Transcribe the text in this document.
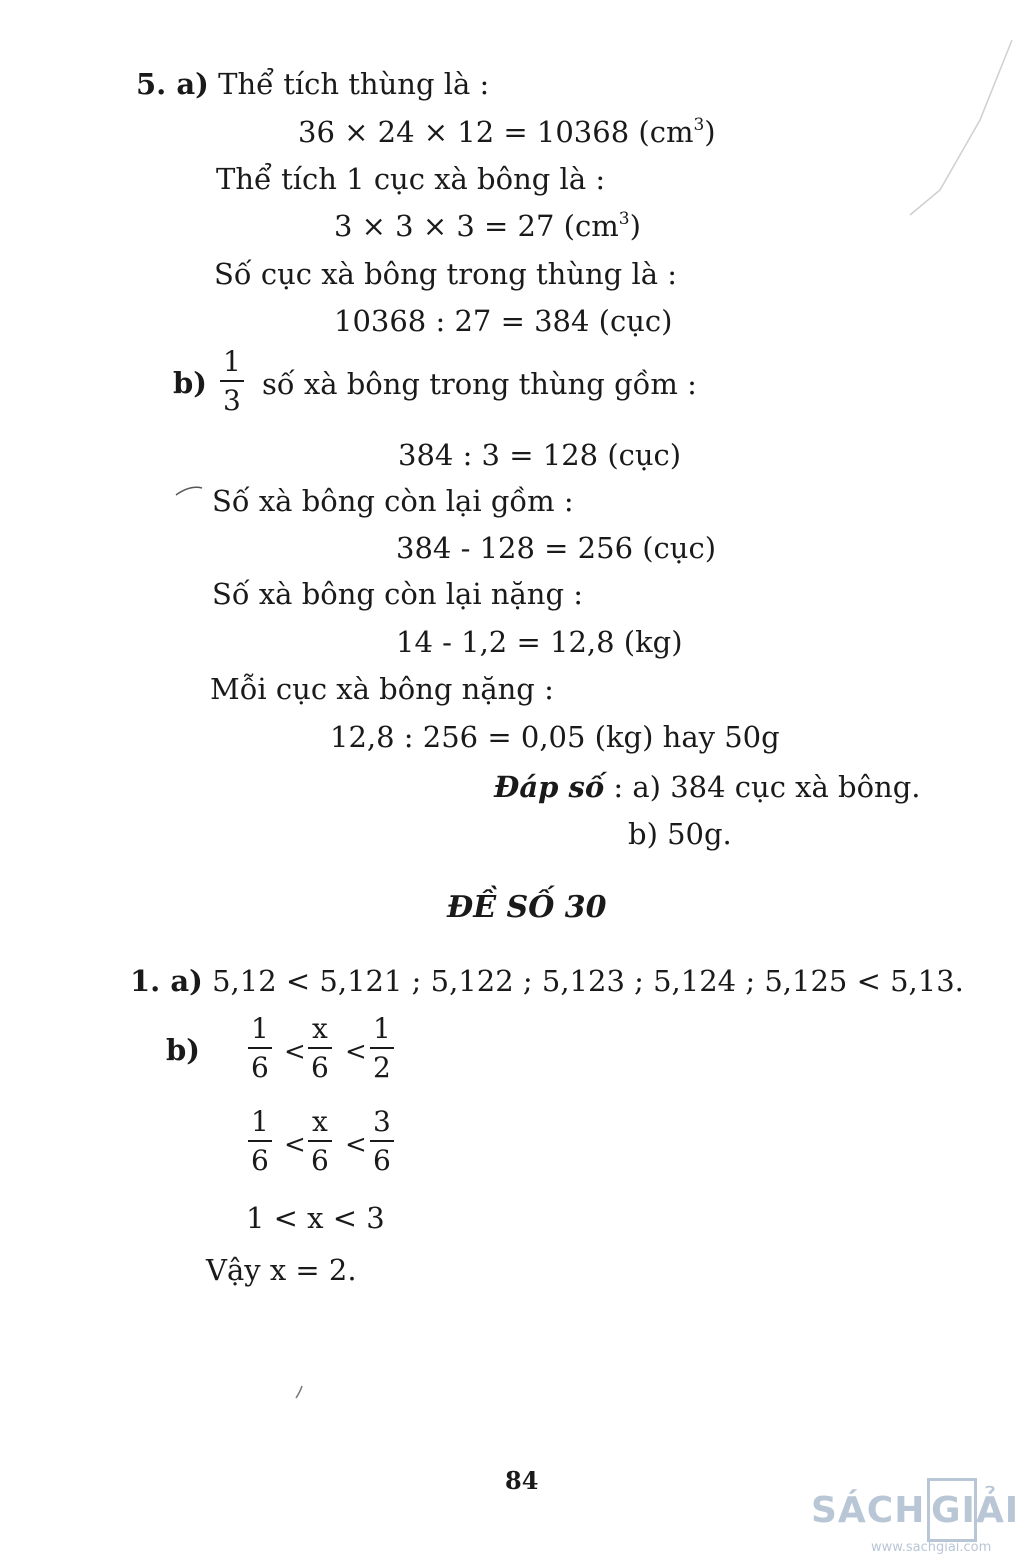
5. a) Thể tích thùng là :
36 × 24 × 12 = 10368 $(cm^3)$
Thể tích 1 cục xà bông là :
3 × 3 × 3 = 27 $(cm^3)$
Số cục xà bông trong thùng là :
10368 : 27 = 384 (cục)
b)
1
3 số xà bông trong thùng gồm :
384 : 3 = 128 (cục)
Số xà bông còn lại gồm :
384 - 128 = 256 (cục)
Số xà bông còn lại nặng :
14 - 1,2 = 12,8 (kg)
Mỗi cục xà bông nặng :
12,8 : 256 = 0,05 (kg) hay 50g
Đáp số : a) 384 cục xà bông.
b) 50g.
ĐỀ SỐ 30
1. a) 5,12 < 5,121 ; 5,122 ; 5,123 ; 5,124 ; 5,125 < 5,13.
b)
1
6 <
x
6 <
1
2
1
6 <
x
6 <
3
6
1 < x < 3
Vậy x = 2.
84
SÁCH GIẢI
www.sachgiai.com
